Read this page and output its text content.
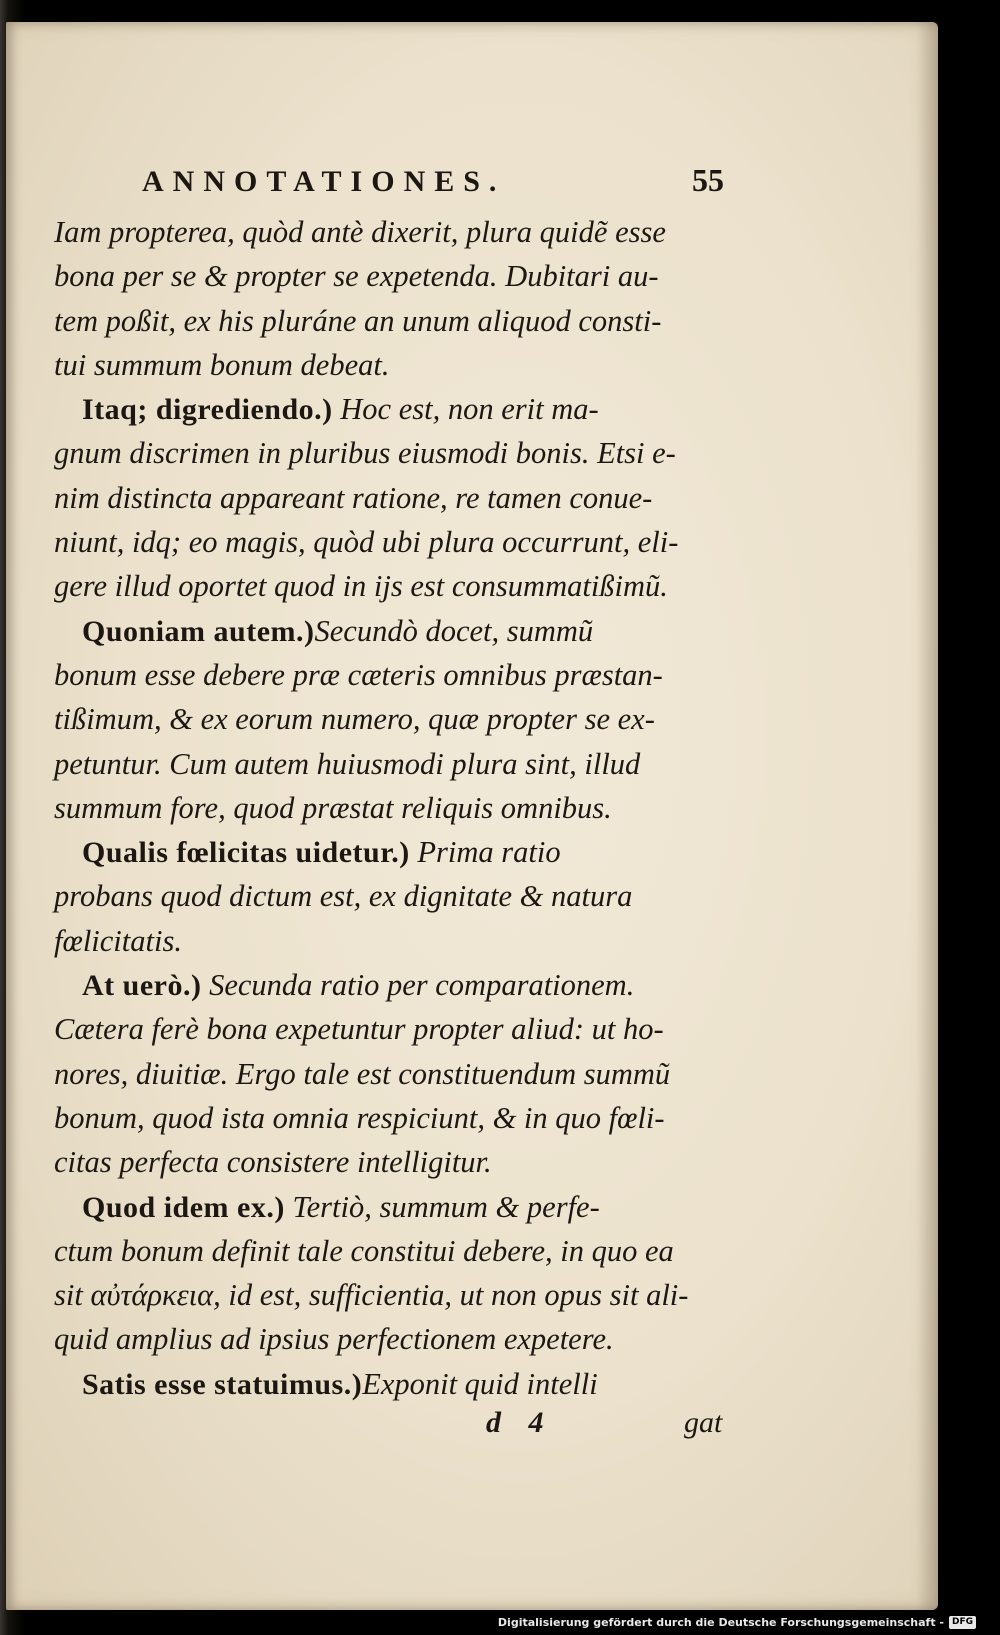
ANNOTATIONES.	55
Iam propterea, quòd antè dixerit, plura quidẽ esse
bona per se & propter se expetenda. Dubitari au-
tem poßit, ex his pluráne an unum aliquod consti-
tui summum bonum debeat.
Itaq; digrediendo.) Hoc est, non erit ma-
gnum discrimen in pluribus eiusmodi bonis. Etsi e-
nim distincta appareant ratione, re tamen conue-
niunt, idq; eo magis, quòd ubi plura occurrunt, eli-
gere illud oportet quod in ijs est consummatißimũ.
Quoniam autem.)Secundò docet, summũ
bonum esse debere præ cæteris omnibus præstan-
tißimum, & ex eorum numero, quæ propter se ex-
petuntur. Cum autem huiusmodi plura sint, illud
summum fore, quod præstat reliquis omnibus.
Qualis fœlicitas uidetur.) Prima ratio
probans quod dictum est, ex dignitate & natura
fœlicitatis.
At uerò.) Secunda ratio per comparationem.
Cætera ferè bona expetuntur propter aliud: ut ho-
nores, diuitiæ. Ergo tale est constituendum summũ
bonum, quod ista omnia respiciunt, & in quo fœli-
citas perfecta consistere intelligitur.
Quod idem ex.) Tertiò, summum & perfe-
ctum bonum definit tale constitui debere, in quo ea
sit αὐτάρκεια, id est, sufficientia, ut non opus sit ali-
quid amplius ad ipsius perfectionem expetere.
Satis esse statuimus.)Exponit quid intelli
d 4	gat
Digitalisierung gefördert durch die Deutsche Forschungsgemeinschaft - DFG
